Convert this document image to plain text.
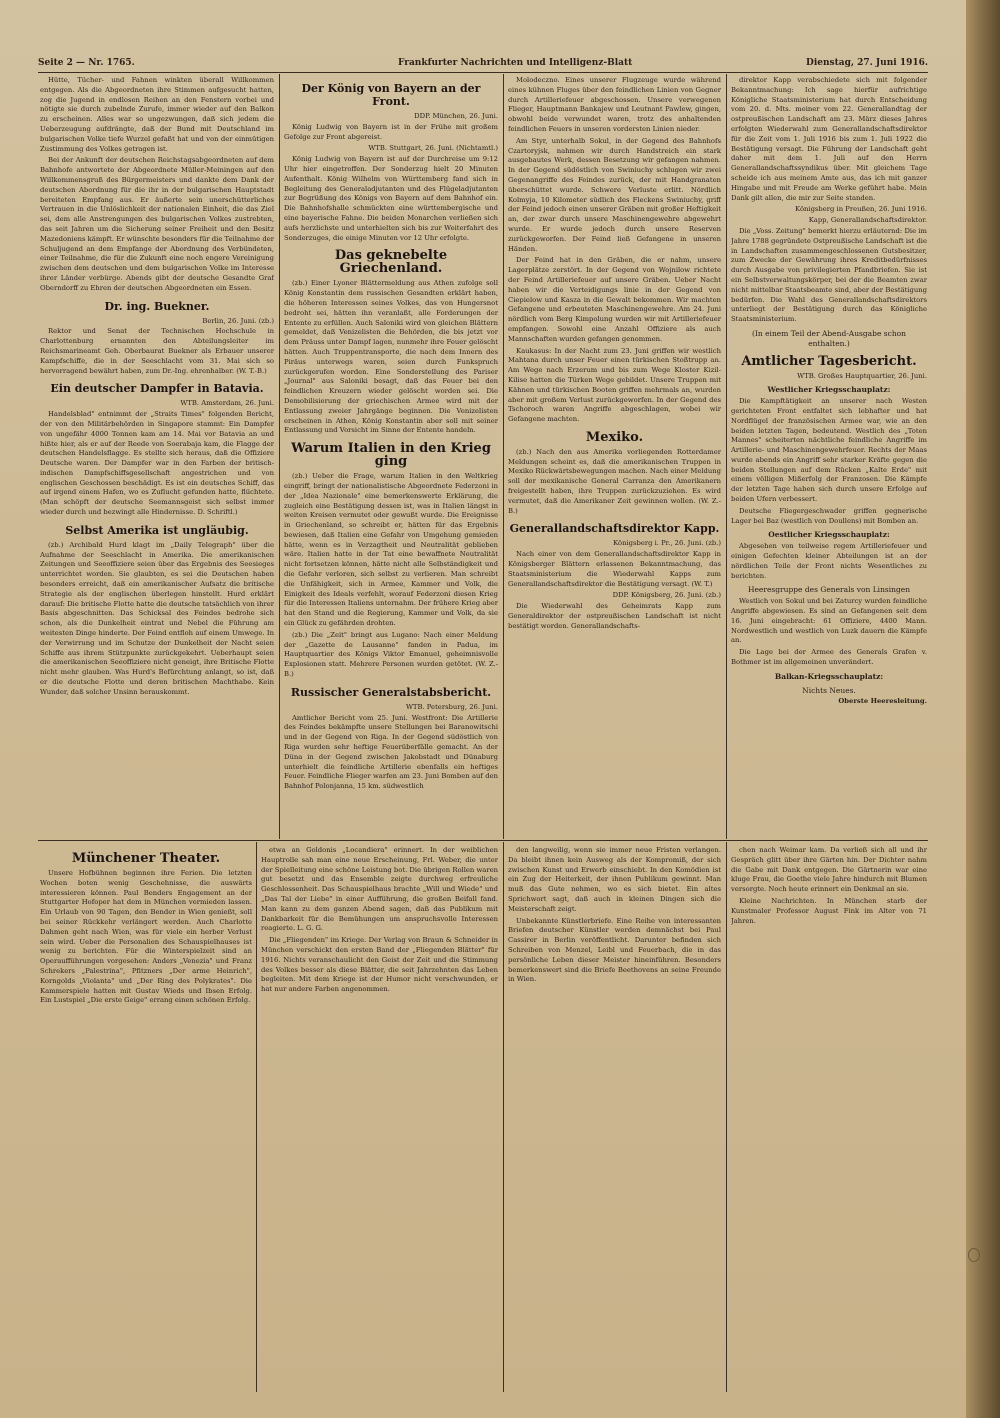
Seite 2 — Nr. 1765.	Frankfurter Nachrichten und Intelligenz-Blatt	Dienstag, 27. Juni 1916.

Hütte, Tücher- und Fahnen winkten überall Willkommen entgegen. Als die Abgeordneten ihre Stimmen aufgesucht hatten, zog die Jugend in endlosen Reihen an den Fenstern vorbei und nötigte sie durch zubelnde Zurufe, immer wieder auf den Balkon zu erscheinen. Alles war so ungezwungen, daß sich jedem die Ueberzeugung aufdrängte, daß der Bund mit Deutschland im bulgarischen Volke tiefe Wurzel gefaßt hat und von der einmütigen Zustimmung des Volkes getragen ist.

Bei der Ankunft der deutschen Reichstagsabgeordneten auf dem Bahnhofe antwortete der Abgeordnete Müller-Meiningen auf den Willkommensgruß des Bürgermeisters und dankte dem Dank der deutschen Abordnung für die ihr in der bulgarischen Hauptstadt bereiteten Empfang aus. Er äußerte sein unerschütterliches Vertrauen in die Unlöslichkeit der nationalen Einheit, die das Ziel sei, dem alle Anstrengungen des bulgarischen Volkes zustrebten, das seit Jahren um die Sicherung seiner Freiheit und den Besitz Mazedoniens kämpft. Er wünschte besonders für die Teilnahme der Schuljugend an dem Empfange der Abordnung des Verbündeten, einer Teilnahme, die für die Zukunft eine noch engere Vereinigung zwischen dem deutschen und dem bulgarischen Volke im Interesse ihrer Länder verbürge. Abends gibt der deutsche Gesandte Graf Oberndorff zu Ehren der deutschen Abgeordneten ein Essen.

Dr. ing. Buekner.
Berlin, 26. Juni. (zb.)

Rektor und Senat der Technischen Hochschule in Charlottenburg ernannten den Abteilungsleiter im Reichsmarineamt Geh. Oberbaurat Buekner als Erbauer unserer Kampfschiffe, die in der Seeschlacht vom 31. Mai sich so hervorragend bewährt haben, zum Dr.-Ing. ehrenhalber. (W. T.-B.)

Ein deutscher Dampfer in Batavia.
WTB. Amsterdam, 26. Juni.

Handelsblad" entnimmt der „Straits Times" folgenden Bericht, der von den Militärbehörden in Singapore stammt: Ein Dampfer von ungefähr 4000 Tonnen kam am 14. Mai vor Batavia an und hißte hier, als er auf der Reede von Soerabaja kam, die Flagge der deutschen Handelsflagge. Es stellte sich heraus, daß die Offiziere Deutsche waren. Der Dampfer war in den Farben der britisch-indischen Dampfschiffsgesellschaft angestrichen und von englischen Geschossen beschädigt. Es ist ein deutsches Schiff, das auf irgend einem Hafen, wo es Zuflucht gefunden hatte, flüchtete. (Man schöpft der deutsche Seemannsgeist sich selbst immer wieder durch und bezwingt alle Hindernisse. D. Schriftl.)

Selbst Amerika ist ungläubig.

(zb.) Archibald Hurd klagt im „Daily Telegraph" über die Aufnahme der Seeschlacht in Amerika. Die amerikanischen Zeitungen und Seeoffiziere seien über das Ergebnis des Seesieges unterrichtet worden. Sie glaubten, es sei die Deutschen haben besonders erreicht, daß ein amerikanischer Aufsatz die britische Strategie als der englischen überlegen hinstellt. Hurd erklärt darauf: Die britische Flotte hatte die deutsche tatsächlich von ihrer Basis abgeschnitten. Das Schicksal des Feindes bedrohe sich schon, als die Dunkelheit eintrat und Nebel die Führung am weitesten Dinge hinderte. Der Feind entfloh auf einem Umwege. In der Verwirrung und im Schutze der Dunkelheit der Nacht seien Schiffe aus ihrem Stützpunkte zurückgekehrt. Ueberhaupt seien die amerikanischen Seeoffiziere nicht geneigt, ihre Britische Flotte nicht mehr glauben. Was Hurd's Befürchtung anlangt, so ist, daß er die deutsche Flotte und deren britischen Machthabe. Kein Wunder, daß solcher Unsinn herauskommt.

Der König von Bayern an der Front.
DDP. München, 26. Juni.

König Ludwig von Bayern ist in der Frühe mit großem Gefolge zur Front abgereist.

WTB. Stuttgart, 26. Juni. (Nichtamtl.)

König Ludwig von Bayern ist auf der Durchreise um 9:12 Uhr hier eingetroffen. Der Sonderzug hielt 20 Minuten Aufenthalt. König Wilhelm von Württemberg fand sich in Begleitung des Generaladjutanten und des Flügeladjutanten zur Begrüßung des Königs von Bayern auf dem Bahnhof ein. Die Bahnhofshalle schmückten eine württembergische und eine bayerische Fahne. Die beiden Monarchen verließen sich aufs herzlichste und unterhielten sich bis zur Weiterfahrt des Sonderzuges, die einige Minuten vor 12 Uhr erfolgte.

Das geknebelte Griechenland.

(zb.) Einer Lyoner Blättermeldung aus Athen zufolge soll König Konstantin dem russischen Gesandten erklärt haben, die höheren Interessen seines Volkes, das von Hungersnot bedroht sei, hätten ihn veranlaßt, alle Forderungen der Entente zu erfüllen. Auch Saloniki wird von gleichen Blättern gemeldet, daß Venizelisten die Behörden, die bis jetzt vor dem Präuss unter Dampf lagen, nunmehr ihre Feuer gelöscht hätten. Auch Truppentransporte, die nach dem Innern des Piräus unterwegs waren, seien durch Funkspruch zurückgerufen worden. Eine Sonderstellung des Pariser „Journal" aus Saloniki besagt, daß das Feuer bei den feindlichen Kreuzern wieder gelöscht worden sei. Die Demobilisierung der griechischen Armee wird mit der Entlassung zweier Jahrgänge beginnen. Die Venizelisten erscheinen in Athen, König Konstantin aber soll mit seiner Entlassung und Vorsicht im Sinne der Entente handeln.

Warum Italien in den Krieg ging

(zb.) Ueber die Frage, warum Italien in den Weltkrieg eingriff, bringt der nationalistische Abgeordnete Federzoni in der „Idea Nazionale" eine bemerkenswerte Erklärung, die zugleich eine Bestätigung dessen ist, was in Italien längst in weiten Kreisen vermutet oder gewußt wurde. Die Ereignisse in Griechenland, so schreibt er, hätten für das Ergebnis bewiesen, daß Italien eine Gefahr von Umgehung gemieden hätte, wenn es in Verzagtheit und Neutralität geblieben wäre. Italien hatte in der Tat eine bewaffnete Neutralität nicht fortsetzen können, hätte nicht alle Selbständigkeit und die Gefahr verloren, sich selbst zu verlieren. Man schreibt die Unfähigkeit, sich in Armee, Kammer und Volk, die Einigkeit des Ideals verfehlt, worauf Federzoni diesen Krieg für die Interessen Italiens unternahm. Der frühere Krieg aber hat den Stand und die Regierung, Kammer und Volk, da sie ein Glück zu gefährden drohten.

(zb.) Die „Zeit" bringt aus Lugano: Nach einer Meldung der „Gazette de Lausanne" fanden in Padua, im Hauptquartier des Königs Viktor Emanuel, geheimnisvolle Explosionen statt. Mehrere Personen wurden getötet. (W. Z.-B.)

Russischer Generalstabsbericht.
WTB. Petersburg, 26. Juni.

Amtlicher Bericht vom 25. Juni. Westfront: Die Artillerie des Feindes bekämpfte unsere Stellungen bei Baranowitschi und in der Gegend von Riga. In der Gegend südöstlich von Riga wurden sehr heftige Feuerüberfälle gemacht. An der Düna in der Gegend zwischen Jakobstadt und Dünaburg unterhielt die feindliche Artillerie ebenfalls ein heftiges Feuer. Feindliche Flieger warfen am 23. Juni Bomben auf den Bahnhof Polonjanna, 15 km. südwestlich

Molodeczno. Eines unserer Flugzeuge wurde während eines kühnen Fluges über den feindlichen Linien von Gegner durch Artilleriefeuer abgeschossen. Unsere verwegenen Flieger, Hauptmann Bankajew und Leutnant Pawlew, gingen, obwohl beide verwundet waren, trotz des anhaltenden feindlichen Feuers in unseren vordersten Linien nieder.

Am Styr, unterhalb Sokul, in der Gegend des Bahnhofs Czartoryjsk, nahmen wir durch Handstreich ein stark ausgebautes Werk, dessen Besetzung wir gefangen nahmen. In der Gegend südöstlich von Swiniuchy schlugen wir zwei Gegenangriffe des Feindes zurück, der mit Handgranaten überschüttet wurde. Schwere Verluste erlitt. Nördlich Kolmyja, 10 Kilometer südlich des Fleckens Swiniuchy, griff der Feind jedoch einen unserer Gräben mit großer Heftigkeit an, der zwar durch unsere Maschinengewehre abgewehrt wurde. Er wurde jedoch durch unsere Reserven zurückgeworfen. Der Feind ließ Gefangene in unseren Händen.

Der Feind hat in den Gräben, die er nahm, unsere Lagerplätze zerstört. In der Gegend von Wojnilow richtete der Feind Artilleriefeuer auf unsere Gräben. Ueber Nacht haben wir die Verteidigungs linie in der Gegend von Ciepielow und Kasza in die Gewalt bekommen. Wir machten Gefangene und erbeuteten Maschinengewehre. Am 24. Juni nördlich vom Berg Kimpolung wurden wir mit Artilleriefeuer empfangen. Sowohl eine Anzahl Offiziere als auch Mannschaften wurden gefangen genommen.

Kaukasus: In der Nacht zum 23. Juni griffen wir westlich Mahtana durch unser Feuer einen türkischen Stoßtrupp an. Am Wege nach Erzerum und bis zum Wege Kloster Kizil-Kilise hatten die Türken Wege gebildet. Unsere Truppen mit Kähnen und türkischen Booten griffen mehrmals an, wurden aber mit großem Verlust zurückgeworfen. In der Gegend des Tschoroch waren Angriffe abgeschlagen, wobei wir Gefangene machten.

Mexiko.

(zb.) Nach den aus Amerika vorliegenden Rotterdamer Meldungen scheint es, daß die amerikanischen Truppen in Mexiko Rückwärtsbewegungen machen. Nach einer Meldung soll der mexikanische General Carranza den Amerikanern freigestellt haben, ihre Truppen zurückzuziehen. Es wird vermutet, daß die Amerikaner Zeit gewinnen wollen. (W. Z.-B.)

Generallandschaftsdirektor Kapp.
Königsberg i. Pr., 26. Juni. (zb.)

Nach einer von dem Generallandschaftsdirektor Kapp in Königsberger Blättern erlassenen Bekanntmachung, das Staatsministerium die Wiederwahl Kapps zum Generallandschaftsdirektor die Bestätigung versagt. (W. T.)

DDP. Königsberg, 26. Juni. (zb.)

Die Wiederwahl des Geheimrats Kapp zum Generaldirektor der ostpreußischen Landschaft ist nicht bestätigt worden. Generallandschafts-

direktor Kapp verabschiedete sich mit folgender Bekanntmachung: Ich sage hierfür aufrichtige Königliche Staatsministerium hat durch Entscheidung vom 20. d. Mts. meiner vom 22. Generallandtag der ostpreußischen Landschaft am 23. März dieses Jahres erfolgten Wiederwahl zum Generallandschaftsdirektor für die Zeit vom 1. Juli 1916 bis zum 1. Juli 1922 die Bestätigung versagt. Die Führung der Landschaft geht daher mit dem 1. Juli auf den Herrn Generallandschaftssyndikus über. Mit gleichem Tage scheide ich aus meinem Amte aus, das ich mit ganzer Hingabe und mit Freude am Werke geführt habe. Mein Dank gilt allen, die mir zur Seite standen.

Königsberg in Preußen, 26. Juni 1916.
Kapp, Generallandschaftsdirektor.

Die „Voss. Zeitung" bemerkt hierzu erläuternd: Die im Jahre 1788 gegründete Ostpreußische Landschaft ist die in Landschaften zusammengeschlossenen Gutsbesitzer, zum Zwecke der Gewährung ihres Kreditbedürfnisses durch Ausgabe von privilegierten Pfandbriefen. Sie ist ein Selbstverwaltungskörper, bei der die Beamten zwar nicht mittelbar Staatsbeamte sind, aber der Bestätigung bedürfen. Die Wahl des Generallandschaftsdirektors unterliegt der Bestätigung durch das Königliche Staatsministerium.

(In einem Teil der Abend-Ausgabe schon enthalten.)
Amtlicher Tagesbericht.
WTB. Großes Hauptquartier, 26. Juni.
Westlicher Kriegsschauplatz:

Die Kampftätigkeit an unserer nach Westen gerichteten Front entfaltet sich lebhafter und hat Nordflügel der französischen Armee war, wie an den beiden letzten Tagen, bedeutend. Westlich des „Toten Mannes" scheiterten nächtliche feindliche Angriffe im Artillerie- und Maschinengewehrfeuer. Rechts der Maas wurde abends ein Angriff sehr starker Kräfte gegen die beiden Stellungen auf dem Rücken „Kalte Erde" mit einem völligen Mißerfolg der Franzosen. Die Kämpfe der letzten Tage haben sich durch unsere Erfolge auf beiden Ufern verbessert.

Deutsche Fliegergeschwader griffen gegnerische Lager bei Baz (westlich von Doullens) mit Bomben an.

Oestlicher Kriegsschauplatz:

Abgesehen von teilweise regem Artilleriefeuer und einigen Gefechten kleiner Abteilungen ist an der nördlichen Teile der Front nichts Wesentliches zu berichten.

Heeresgruppe des Generals von Linsingen

Westlich von Sokul und bei Zaturcy wurden feindliche Angriffe abgewiesen. Es sind an Gefangenen seit dem 16. Juni eingebracht: 61 Offiziere, 4400 Mann. Nordwestlich und westlich von Luzk dauern die Kämpfe an.

Die Lage bei der Armee des Generals Grafen v. Bothmer ist im allgemeinen unverändert.

Balkan-Kriegsschauplatz:
Nichts Neues.
Oberste Heeresleitung.
Münchener Theater.

Unsere Hofbühnen beginnen ihre Ferien. Die letzten Wochen boten wenig Geschehnisse, die auswärts interessieren können. Paul Benders Engagement an der Stuttgarter Hofoper hat dem in München vermieden lassen. Ein Urlaub von 90 Tagen, den Bender in Wien genießt, soll bei seiner Rückkehr verlängert werden. Auch Charlotte Dahmen geht nach Wien, was für viele ein herber Verlust sein wird. Ueber die Personalien des Schauspielhauses ist wenig zu berichten. Für die Winterspielzeit sind an Operaufführungen vorgesehen: Anders „Venezia" und Franz Schrekers „Palestrina", Pfitzners „Der arme Heinrich", Korngolds „Violanta" und „Der Ring des Polykrates". Die Kammerspiele hatten mit Gustav Wieds und Ibsen Erfolg. Ein Lustspiel „Die erste Geige" errang einen schönen Erfolg.

etwa an Goldonis „Locandiera" erinnert. In der weiblichen Hauptrolle sah man eine neue Erscheinung, Frl. Weber, die unter der Spielleitung eine schöne Leistung bot. Die übrigen Rollen waren gut besetzt und das Ensemble zeigte durchweg erfreuliche Geschlossenheit. Das Schauspielhaus brachte „Will und Wiede" und „Das Tal der Liebe" in einer Aufführung, die großen Beifall fand. Man kann zu dem ganzen Abend sagen, daß das Publikum mit Dankbarkeit für die Bemühungen um anspruchsvolle Interessen reagierte. L. G. G.

Die „Fliegenden" im Kriege. Der Verlag von Braun & Schneider in München verschickt den ersten Band der „Fliegenden Blätter" für 1916. Nichts veranschaulicht den Geist der Zeit und die Stimmung des Volkes besser als diese Blätter, die seit Jahrzehnten das Leben begleiten. Mit dem Kriege ist der Humor nicht verschwunden, er hat nur andere Farben angenommen.

den langweilig, wenn sie immer neue Fristen verlangen. Da bleibt ihnen kein Ausweg als der Kompromiß, der sich zwischen Kunst und Erwerb einschiebt. In den Komödien ist ein Zug der Heiterkeit, der ihnen Publikum gewinnt. Man muß das Gute nehmen, wo es sich bietet. Ein altes Sprichwort sagt, daß auch in kleinen Dingen sich die Meisterschaft zeigt.

Unbekannte Künstlerbriefe. Eine Reihe von interessanten Briefen deutscher Künstler werden demnächst bei Paul Cassirer in Berlin veröffentlicht. Darunter befinden sich Schreiben von Menzel, Leibl und Feuerbach, die in das persönliche Leben dieser Meister hineinführen. Besonders bemerkenswert sind die Briefe Beethovens an seine Freunde in Wien.

chen nach Weimar kam. Da verließ sich all und ihr Gespräch glitt über ihre Gärten hin. Der Dichter nahm die Gabe mit Dank entgegen. Die Gärtnerin war eine kluge Frau, die Goethe viele Jahre hindurch mit Blumen versorgte. Noch heute erinnert ein Denkmal an sie.

Kleine Nachrichten. In München starb der Kunstmaler Professor August Fink im Alter von 71 Jahren.
